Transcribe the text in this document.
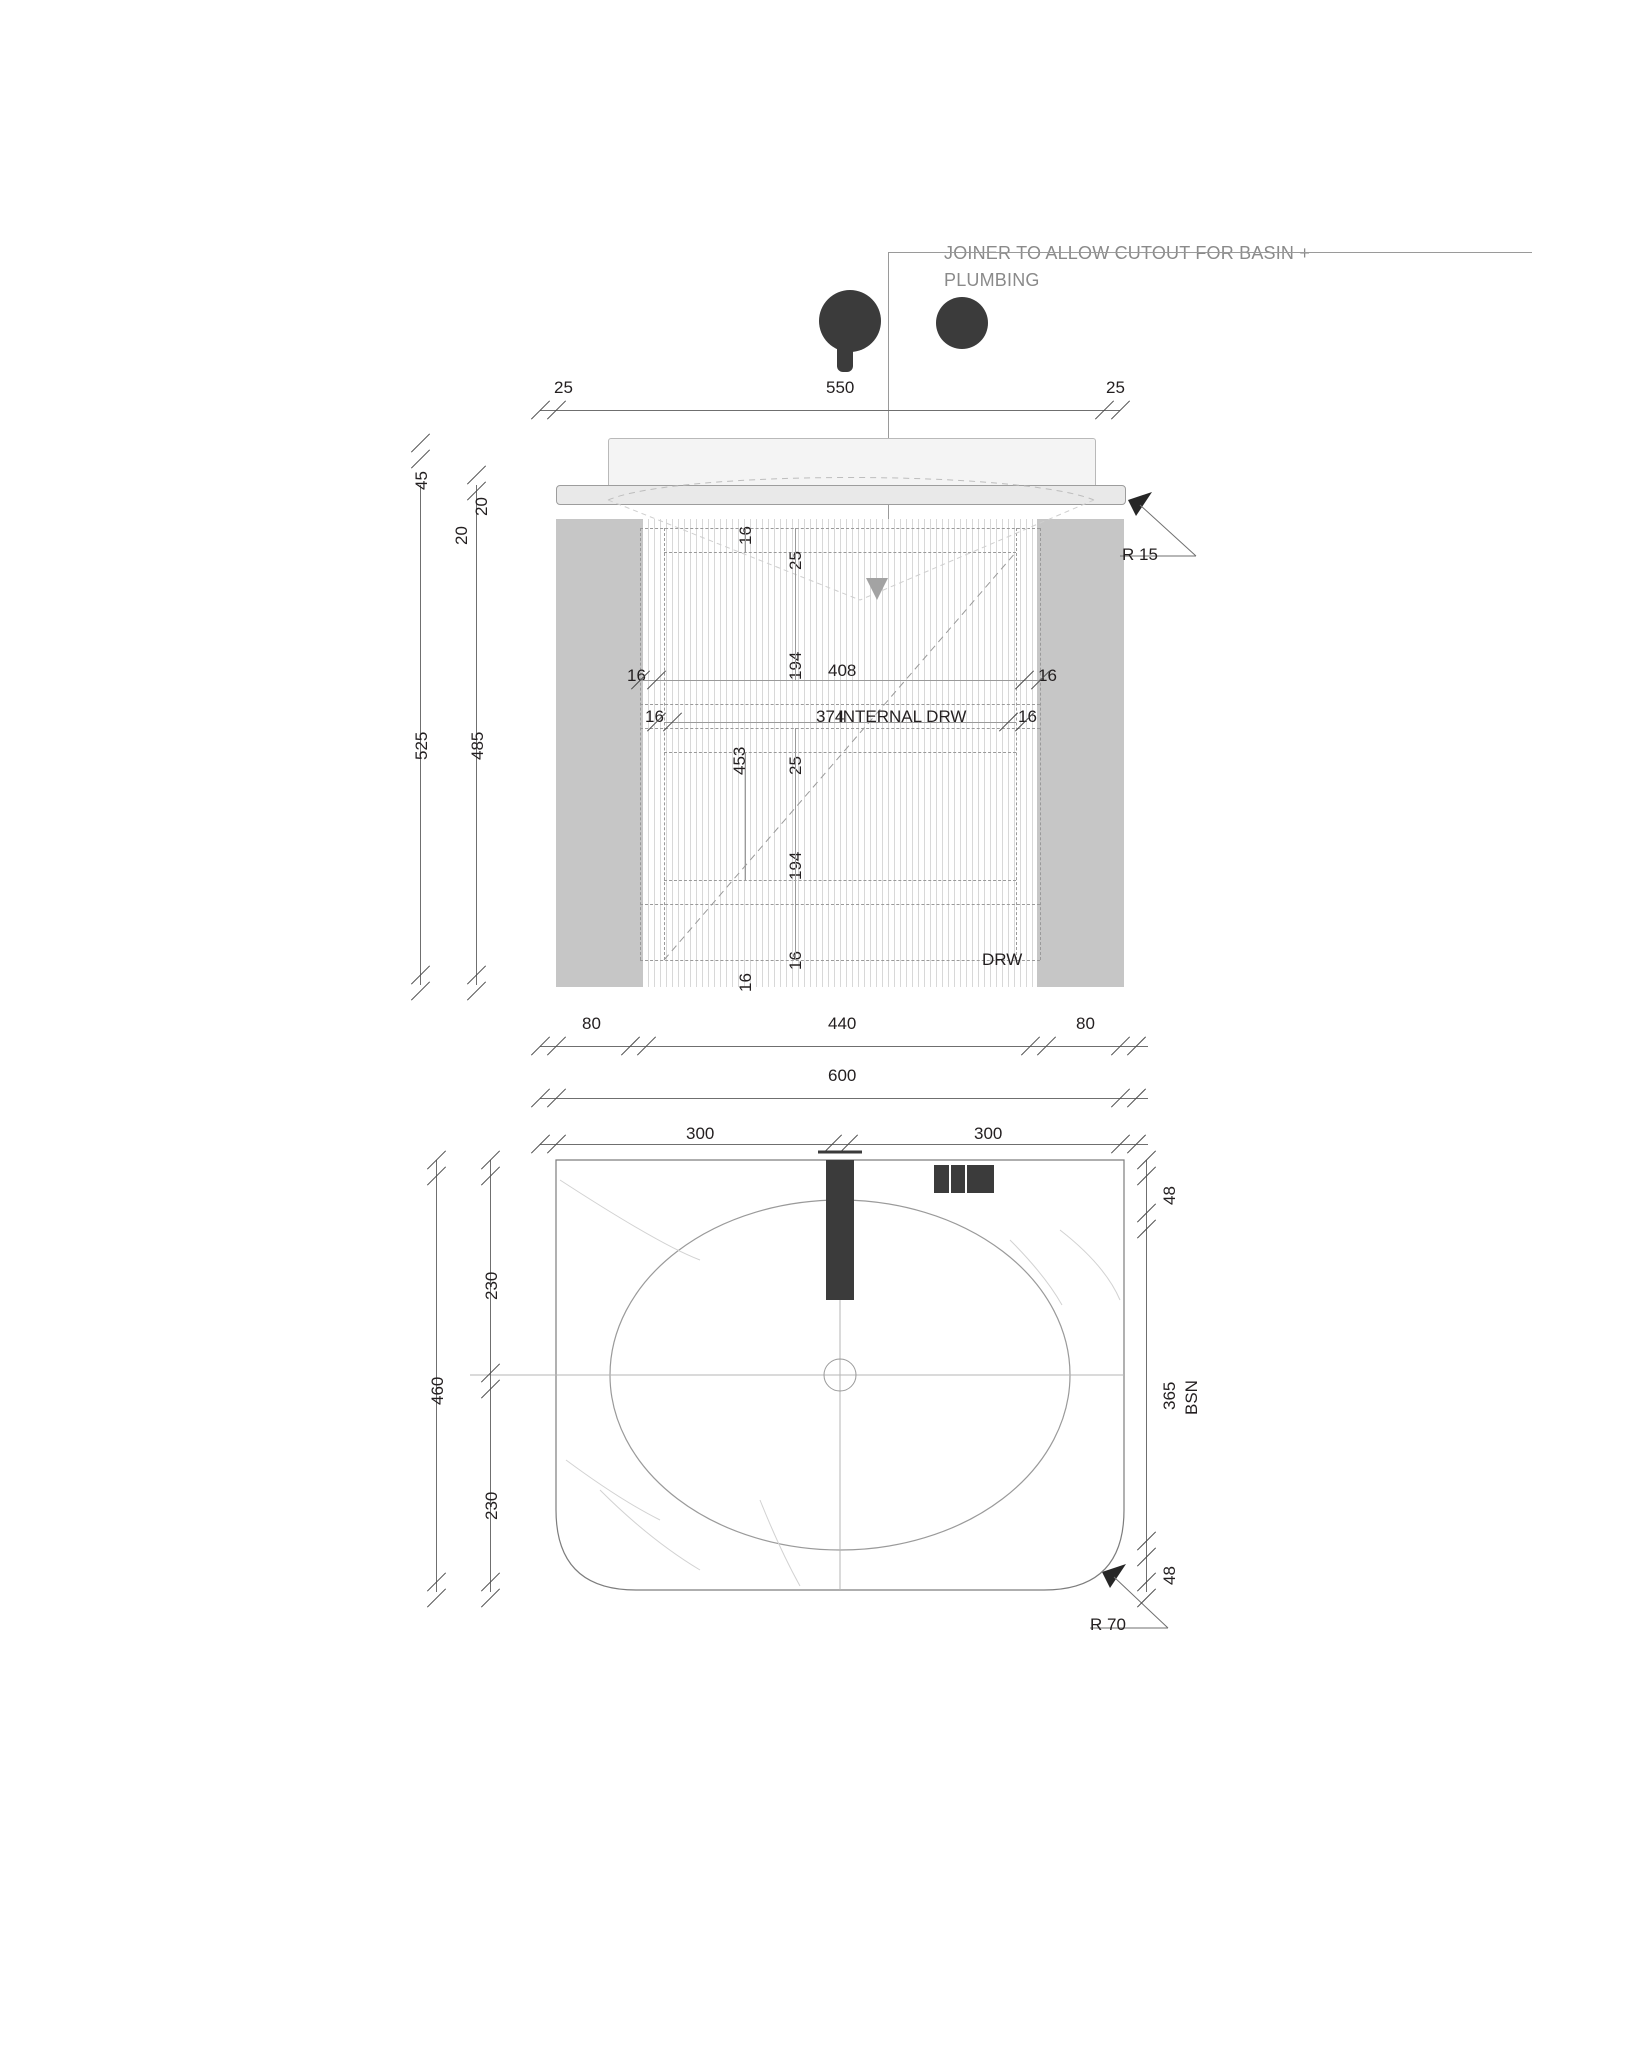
JOINER TO ALLOW CUTOUT FOR BASIN +
PLUMBING
25	550	25
R 15
25
16
194 408
16	16
16	374
INTERNAL DRW	16
453 25
194
16
16	DRW
525 485
45
20
20
80	440	80
600
300	300
460
230
230
48
365 BSN
48
R 70
